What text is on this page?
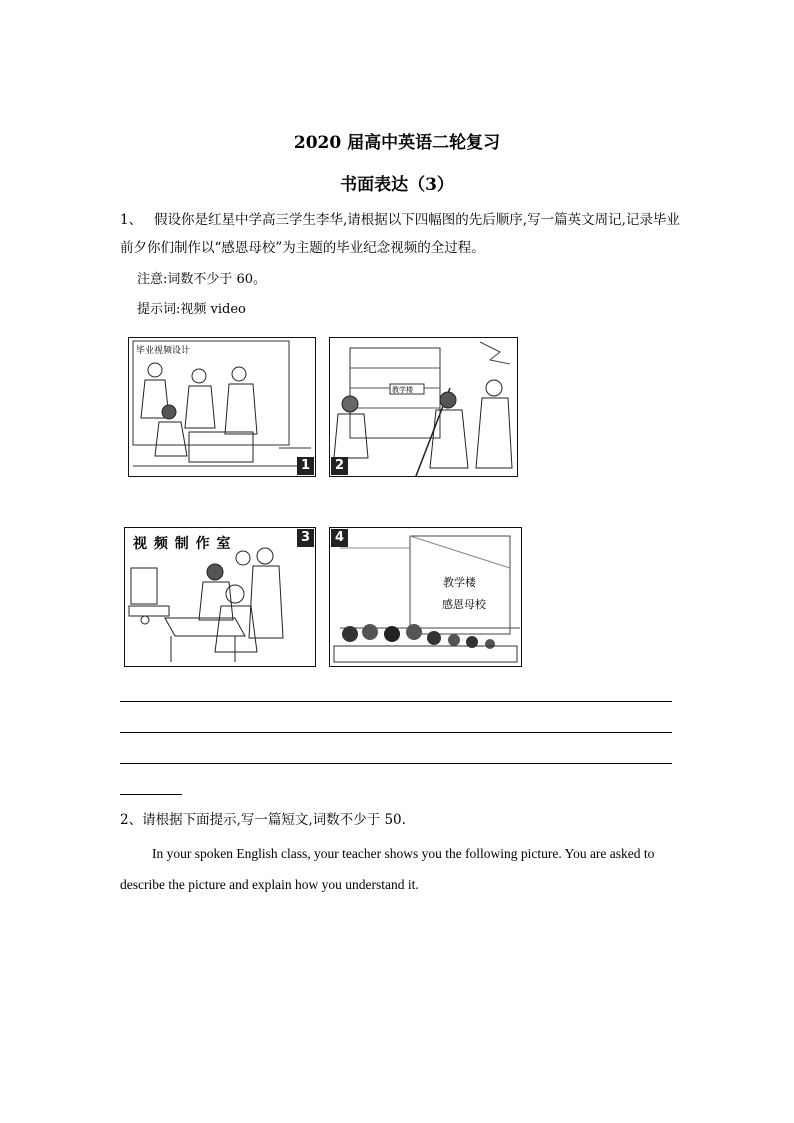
2020 届高中英语二轮复习
书面表达（3）
1、 假设你是红星中学高三学生李华,请根据以下四幅图的先后顺序,写一篇英文周记,记录毕业前夕你们制作以“感恩母校”为主题的毕业纪念视频的全过程。
注意:词数不少于 60。
提示词:视频 video
毕业视频设计
1
教学楼
2
视 频 制 作 室	3
教学楼
感恩母校
4
2、请根据下面提示,写一篇短文,词数不少于 50.
In your spoken English class, your teacher shows you the following picture. You are asked to describe the picture and explain how you understand it.
